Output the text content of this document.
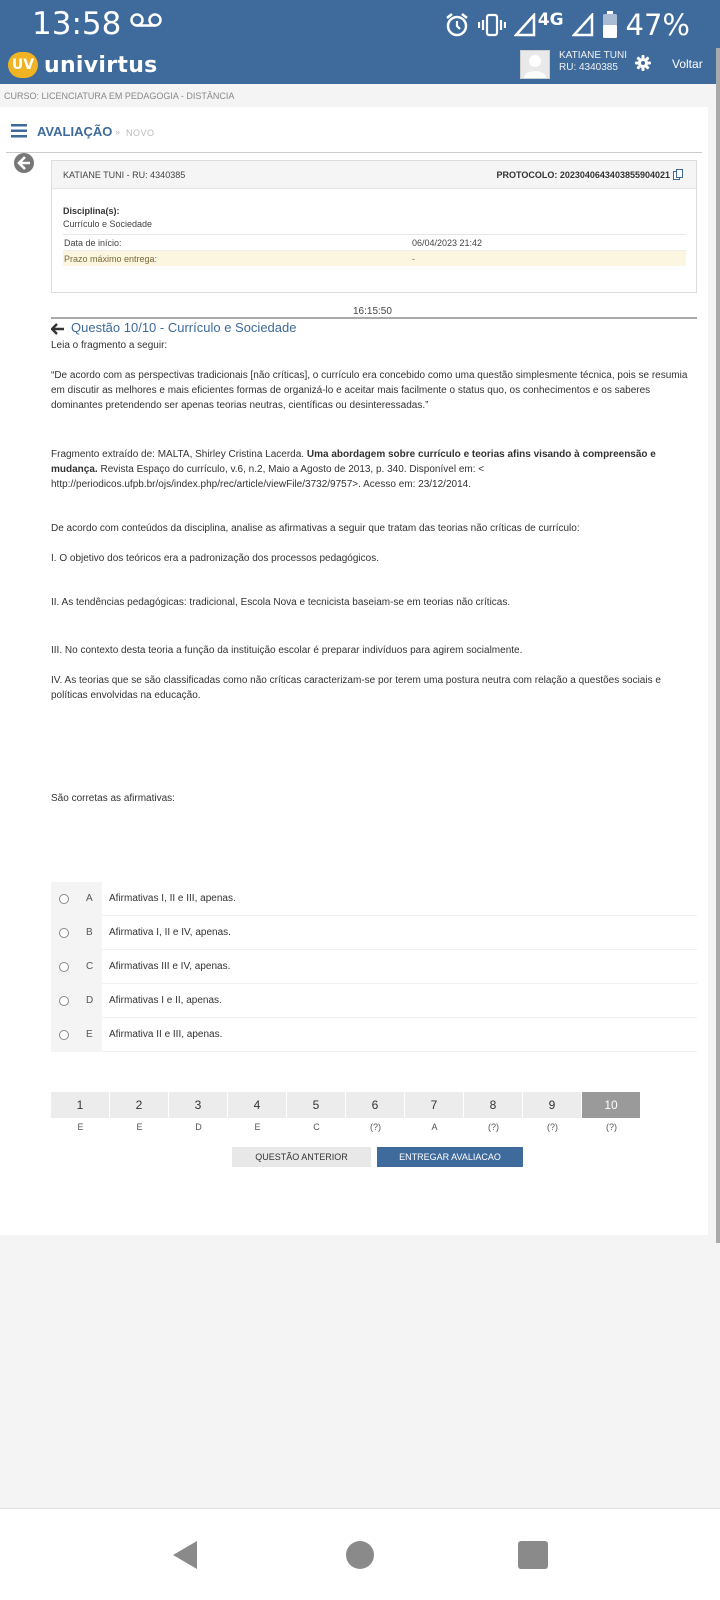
13:58	4G 47%
UV univirtus	KATIANE TUNI
RU: 4340385	Voltar
CURSO: LICENCIATURA EM PEDAGOGIA - DISTÂNCIA
AVALIAÇÃO » NOVO
KATIANE TUNI - RU: 4340385	PROTOCOLO: 2023040643403855904021
Disciplina(s):
Currículo e Sociedade
Data de início:	06/04/2023 21:42
Prazo máximo entrega:	-
16:15:50
Questão 10/10 - Currículo e Sociedade
Leia o fragmento a seguir:
“De acordo com as perspectivas tradicionais [não críticas], o currículo era concebido como uma questão simplesmente técnica, pois se resumia em discutir as melhores e mais eficientes formas de organizá-lo e aceitar mais facilmente o status quo, os conhecimentos e os saberes dominantes pretendendo ser apenas teorias neutras, científicas ou desinteressadas.”
Fragmento extraído de: MALTA, Shirley Cristina Lacerda. Uma abordagem sobre currículo e teorias afins visando à compreensão e mudança. Revista Espaço do currículo, v.6, n.2, Maio a Agosto de 2013, p. 340. Disponível em: < http://periodicos.ufpb.br/ojs/index.php/rec/article/viewFile/3732/9757>. Acesso em: 23/12/2014.
De acordo com conteúdos da disciplina, analise as afirmativas a seguir que tratam das teorias não críticas de currículo:
I. O objetivo dos teóricos era a padronização dos processos pedagógicos.
II. As tendências pedagógicas: tradicional, Escola Nova e tecnicista baseiam-se em teorias não críticas.
III. No contexto desta teoria a função da instituição escolar é preparar indivíduos para agirem socialmente.
IV. As teorias que se são classificadas como não críticas caracterizam-se por terem uma postura neutra com relação a questões sociais e políticas envolvidas na educação.
São corretas as afirmativas:
A Afirmativas I, II e III, apenas.
B Afirmativa I, II e IV, apenas.
C Afirmativas III e IV, apenas.
D Afirmativas I e II, apenas.
E Afirmativa II e III, apenas.
1	2	3	4	5	6	7	8	9	10
E	E	D	E	C	(?)	A	(?)	(?)	(?)
QUESTÃO ANTERIOR	ENTREGAR AVALIACAO
